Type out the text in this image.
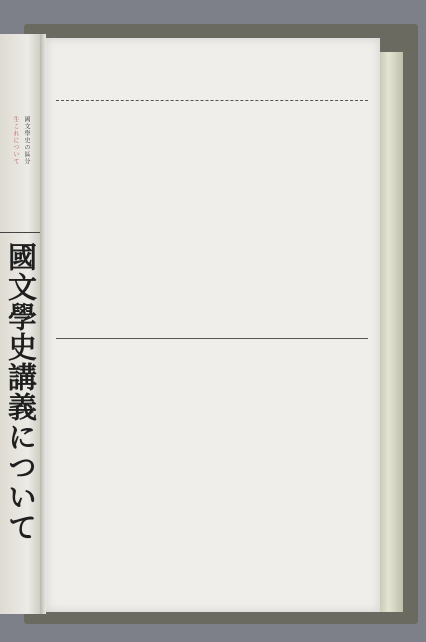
國文學史の區分
生これについて
國文學史講義について
